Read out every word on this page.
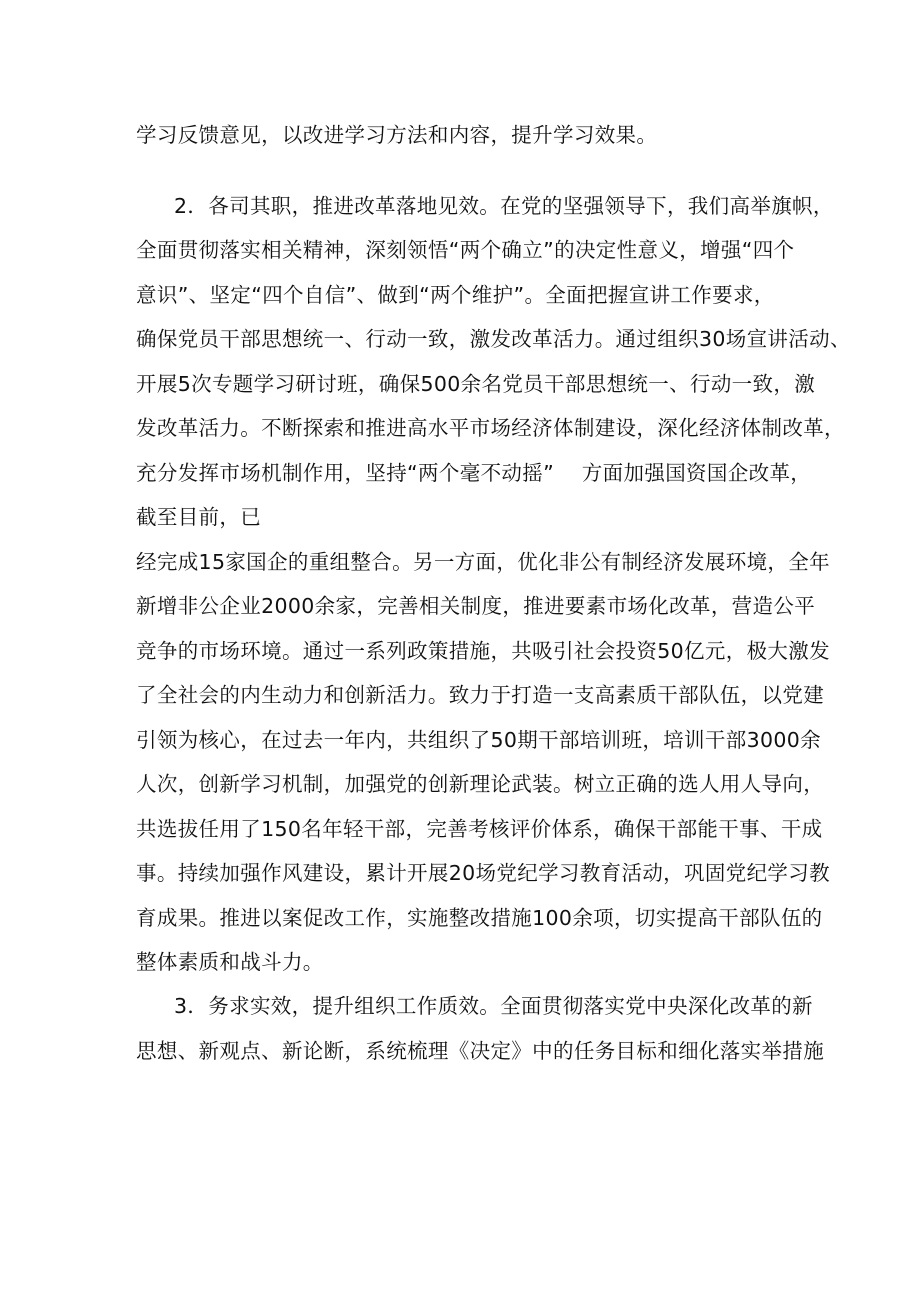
学习反馈意见，以改进学习方法和内容，提升学习效果。
2．各司其职，推进改革落地见效。在党的坚强领导下，我们高举旗帜，
全面贯彻落实相关精神，深刻领悟“两个确立”的决定性意义，增强“四个
意识”、坚定“四个自信”、做到“两个维护”。全面把握宣讲工作要求，
确保党员干部思想统一、行动一致，激发改革活力。通过组织30场宣讲活动、
开展5次专题学习研讨班，确保500余名党员干部思想统一、行动一致，激
发改革活力。不断探索和推进高水平市场经济体制建设，深化经济体制改革，
充分发挥市场机制作用，坚持“两个毫不动摇”　 方面加强国资国企改革，
截至目前，已
经完成15家国企的重组整合。另一方面，优化非公有制经济发展环境，全年
新增非公企业2000余家，完善相关制度，推进要素市场化改革，营造公平
竞争的市场环境。通过一系列政策措施，共吸引社会投资50亿元，极大激发
了全社会的内生动力和创新活力。致力于打造一支高素质干部队伍，以党建
引领为核心，在过去一年内，共组织了50期干部培训班，培训干部3000余
人次，创新学习机制，加强党的创新理论武装。树立正确的选人用人导向，
共选拔任用了150名年轻干部，完善考核评价体系，确保干部能干事、干成
事。持续加强作风建设，累计开展20场党纪学习教育活动，巩固党纪学习教
育成果。推进以案促改工作，实施整改措施100余项，切实提高干部队伍的
整体素质和战斗力。
3．务求实效，提升组织工作质效。全面贯彻落实党中央深化改革的新
思想、新观点、新论断，系统梳理《决定》中的任务目标和细化落实举措施
